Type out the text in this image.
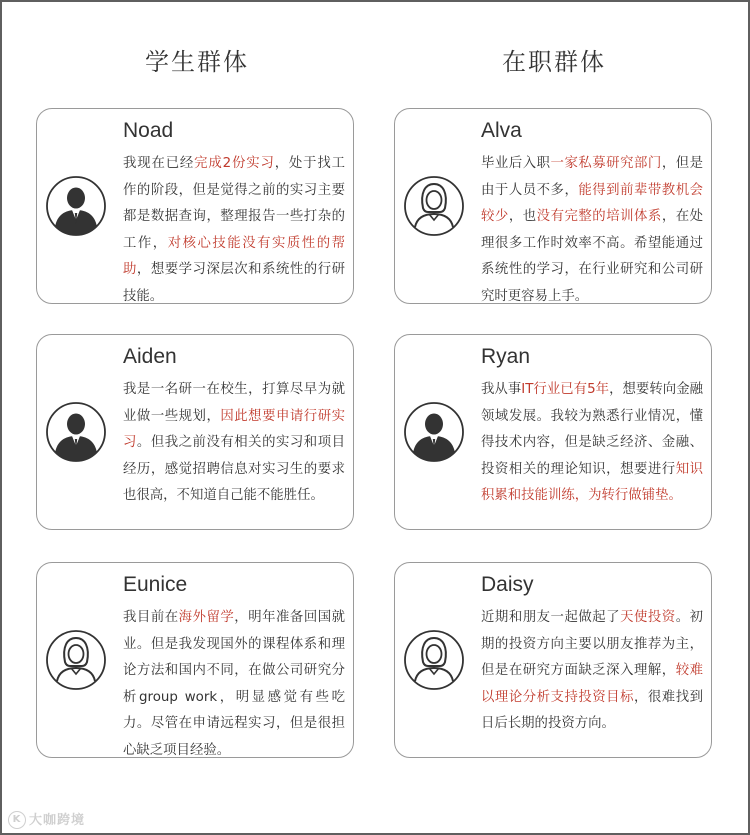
学生群体	在职群体
Noad
我现在已经完成2份实习，处于找工作的阶段，但是觉得之前的实习主要都是数据查询，整理报告一些打杂的工作，对核心技能没有实质性的帮助，想要学习深层次和系统性的行研技能。
Aiden
我是一名研一在校生，打算尽早为就业做一些规划，因此想要申请行研实习。但我之前没有相关的实习和项目经历，感觉招聘信息对实习生的要求也很高，不知道自己能不能胜任。
Eunice
我目前在海外留学，明年准备回国就业。但是我发现国外的课程体系和理论方法和国内不同，在做公司研究分析group work，明显感觉有些吃力。尽管在申请远程实习，但是很担心缺乏项目经验。
Alva
毕业后入职一家私募研究部门，但是由于人员不多，能得到前辈带教机会较少，也没有完整的培训体系，在处理很多工作时效率不高。希望能通过系统性的学习，在行业研究和公司研究时更容易上手。
Ryan
我从事IT行业已有5年，想要转向金融领域发展。我较为熟悉行业情况，懂得技术内容，但是缺乏经济、金融、投资相关的理论知识，想要进行知识积累和技能训练，为转行做铺垫。
Daisy
近期和朋友一起做起了天使投资。初期的投资方向主要以朋友推荐为主，但是在研究方面缺乏深入理解，较难以理论分析支持投资目标，很难找到日后长期的投资方向。
K 大咖跨境
